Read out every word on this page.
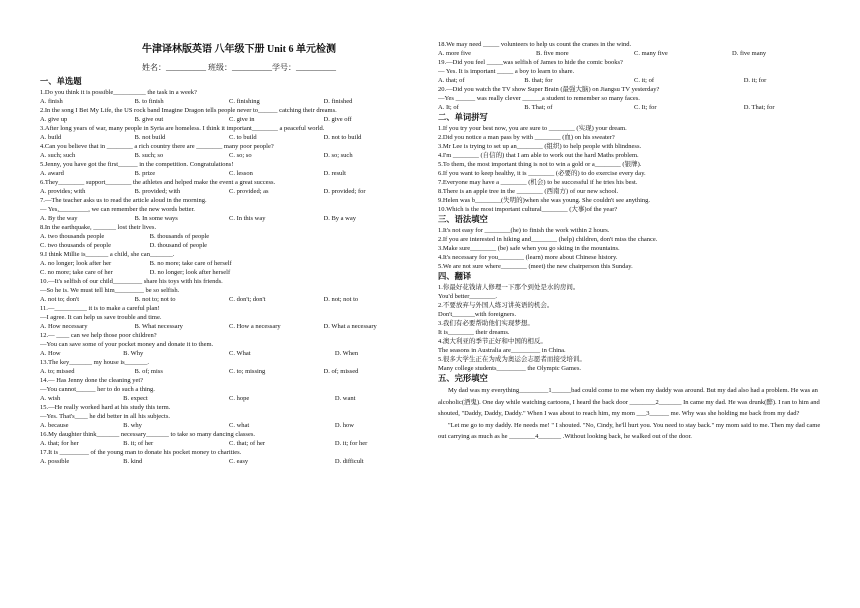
牛津译林版英语 八年级下册 Unit 6 单元检测
姓名：__________ 班级：__________学号：__________
一、单选题
1.Do you think it is possible__________ the task in a week?
A. finish	B. to finish	C. finishing	D. finished
2.In the song I Bet My Life, the US rock band Imagine Dragon tells people never to______ catching their dreams.
A. give up	B. give out	C. give in	D. give off
3.After long years of war, many people in Syria are homeless. I think it important________ a peaceful world.
A. build	B. not build	C. to build	D. not to build
4.Can you believe that in ________ a rich country there are ________ many poor people?
A. such; such	B. such; so	C. so; so	D. so; such
5.Jenny, you have got the first______ in the competition. Congratulations!
A. award	B. prize	C. lesson	D. result
6.They________ support________ the athletes and helped make the event a great success.
A. provides; with	B. provided; with	C. provided; as	D. provided; for
7.—The teacher asks us to read the article aloud in the morning.
— Yes,_________, we can remember the new words better.
A. By the way	B. In some ways	C. In this way	D. By a way
8.In the earthquake, _______ lost their lives.
A. two thousands people	B. thousands of people
C. two thousands of people	D. thousand of people
9.I think Millie is_______ a child, she can_______.
A. no longer; look after her	B. no more; take care of herself
C. no more; take care of her	D. no longer; look after herself
10.—It's selfish of our child_________ share his toys with his friends.
—So he is. We must tell him_________ be so selfish.
A. not to; don't	B. not to; not to	C. don't; don't	D. not; not to
11.—__________ it is to make a careful plan!
—I agree. It can help us save trouble and time.
A. How necessary	B. What necessary	C. How a necessary	D. What a necessary
12.— ____ can we help those poor children?
—You can save some of your pocket money and donate it to them.
A. How	B. Why	C. What	D. When
13.The key_______ my house is_______.
A. to; missed	B. of; miss	C. to; missing	D. of; missed
14.— Has Jenny done the cleaning yet?
—You cannot______ her to do such a thing.
A. wish	B. expect	C. hope	D. want
15.—He really worked hard at his study this term.
—Yes. That's____ he did better in all his subjects.
A. because	B. why	C. what	D. how
16.My daughter think_______ necessary_______ to take so many dancing classes.
A. that; for her	B. it; of her	C. that; of her	D. it; for her
17.It is _________ of the young man to donate his pocket money to charities.
A. possible	B. kind	C. easy	D. difficult
18.We may need _____ volunteers to help us count the cranes in the wind.
A. more five	B. five more	C. many five	D. five many
19.—Did you feel _____was selfish of James to hide the comic books?
— Yes. It is important _____ a boy to learn to share.
A. that; of	B. that; for	C. it; of	D. it; for
20.—Did you watch the TV show Super Brain (最强大脑) on Jiangsu TV yesterday?
—Yes ______ was really clever ______a student to remember so many faces.
A. It; of	B. That; of	C. It; for	D. That; for
二、单词拼写
1.If you try your best now, you are sure to ________ (实现) your dream.
2.Did you notice a man pass by with ________ (血) on his sweater?
3.Mr Lee is trying to set up an________ (组织) to help people with blindness.
4.I'm ________ (自信的) that I am able to work out the hard Maths problem.
5.To them, the most important thing is not to win a gold or a________ (银牌).
6.If you want to keep healthy, it is ________ (必要的) to do exercise every day.
7.Everyone may have a ________ (机会) to be successful if he tries his best.
8.There is an apple tree in the ________ (西南方) of our new school.
9.Helen was b________(失明的)when she was young. She couldn't see anything.
10.Which is the most important cultural________ (大事)of the year?
三、语法填空
1.It's not easy for ________(he) to finish the work within 2 hours.
2.If you are interested in hiking and________ (help) children, don't miss the chance.
3.Make sure________ (be) safe when you go skiing in the mountains.
4.It's necessary for you________ (learn) more about Chinese history.
5.We are not sure where________ (meet) the new chairperson this Sunday.
四、翻译
1.你最好花钱请人修理一下那个到处是水的房间。
You'd better________.
2.不要放弃与外国人练习讲英语的机会。
Don't_______with foreigners.
3.我们有必要帮助他们实现梦想。
It is________ their dreams.
4.澳大利亚的季节正好和中国的相反。
The seasons in Australia are_________ in China.
5.很多大学生正在为成为奥运会志愿者而接受培训。
Many college students_________ the Olympic Games.
五、完形填空
My dad was my everything_________1______bad could come to me when my daddy was around. But my dad also had a problem. He was an alcoholic(酒鬼). One day while watching cartoons, I heard the back door ________2_______ In came my dad. He was drunk(醉). I ran to him and shouted, "Daddy, Daddy, Daddy." When I was about to reach him, my mom ___3______ me. Why was she holding me back from my dad?
"Let me go to my daddy. He needs me! " I shouted. "No, Cindy, he'll hurt you. You need to stay back." my mom said to me. Then my dad came out carrying as much as he ________4_______ .Without looking back, he walked out of the door.
